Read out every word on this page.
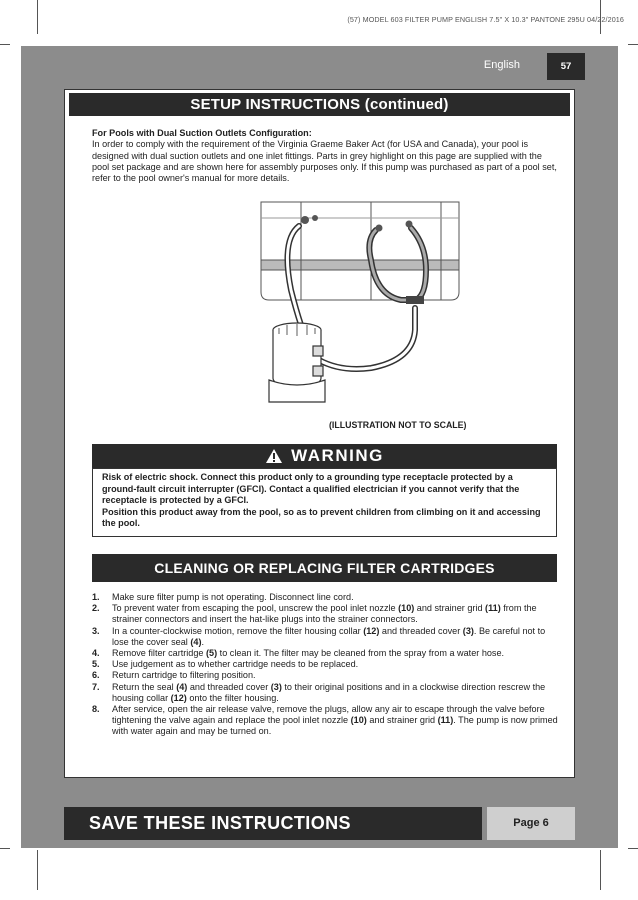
(57) MODEL 603 FILTER PUMP ENGLISH 7.5" X 10.3" PANTONE 295U 04/22/2016
English	57
SETUP INSTRUCTIONS (continued)
For Pools with Dual Suction Outlets Configuration:
In order to comply with the requirement of the Virginia Graeme Baker Act (for USA and Canada), your pool is designed with dual suction outlets and one inlet fittings. Parts in grey highlight on this page are supplied with the pool set package and are shown here for assembly purposes only. If this pump was purchased as part of a pool set, refer to the pool owner's manual for more details.
(ILLUSTRATION NOT TO SCALE)
WARNING

Risk of electric shock. Connect this product only to a grounding type receptacle protected by a ground-fault circuit interrupter (GFCI). Contact a qualified electrician if you cannot verify that the receptacle is protected by a GFCI.

Position this product away from the pool, so as to prevent children from climbing on it and accessing the pool.

CLEANING OR REPLACING FILTER CARTRIDGES
1. Make sure filter pump is not operating. Disconnect line cord.
2. To prevent water from escaping the pool, unscrew the pool inlet nozzle (10) and strainer grid (11) from the strainer connectors and insert the hat-like plugs into the strainer connectors.
3. In a counter-clockwise motion, remove the filter housing collar (12) and threaded cover (3). Be careful not to lose the cover seal (4).
4. Remove filter cartridge (5) to clean it. The filter may be cleaned from the spray from a water hose.
5. Use judgement as to whether cartridge needs to be replaced.
6. Return cartridge to filtering position.
7. Return the seal (4) and threaded cover (3) to their original positions and in a clockwise direction rescrew the housing collar (12) onto the filter housing.
8. After service, open the air release valve, remove the plugs, allow any air to escape through the valve before tightening the valve again and replace the pool inlet nozzle (10) and strainer grid (11). The pump is now primed with water again and may be turned on.
SAVE THESE INSTRUCTIONS	Page 6
